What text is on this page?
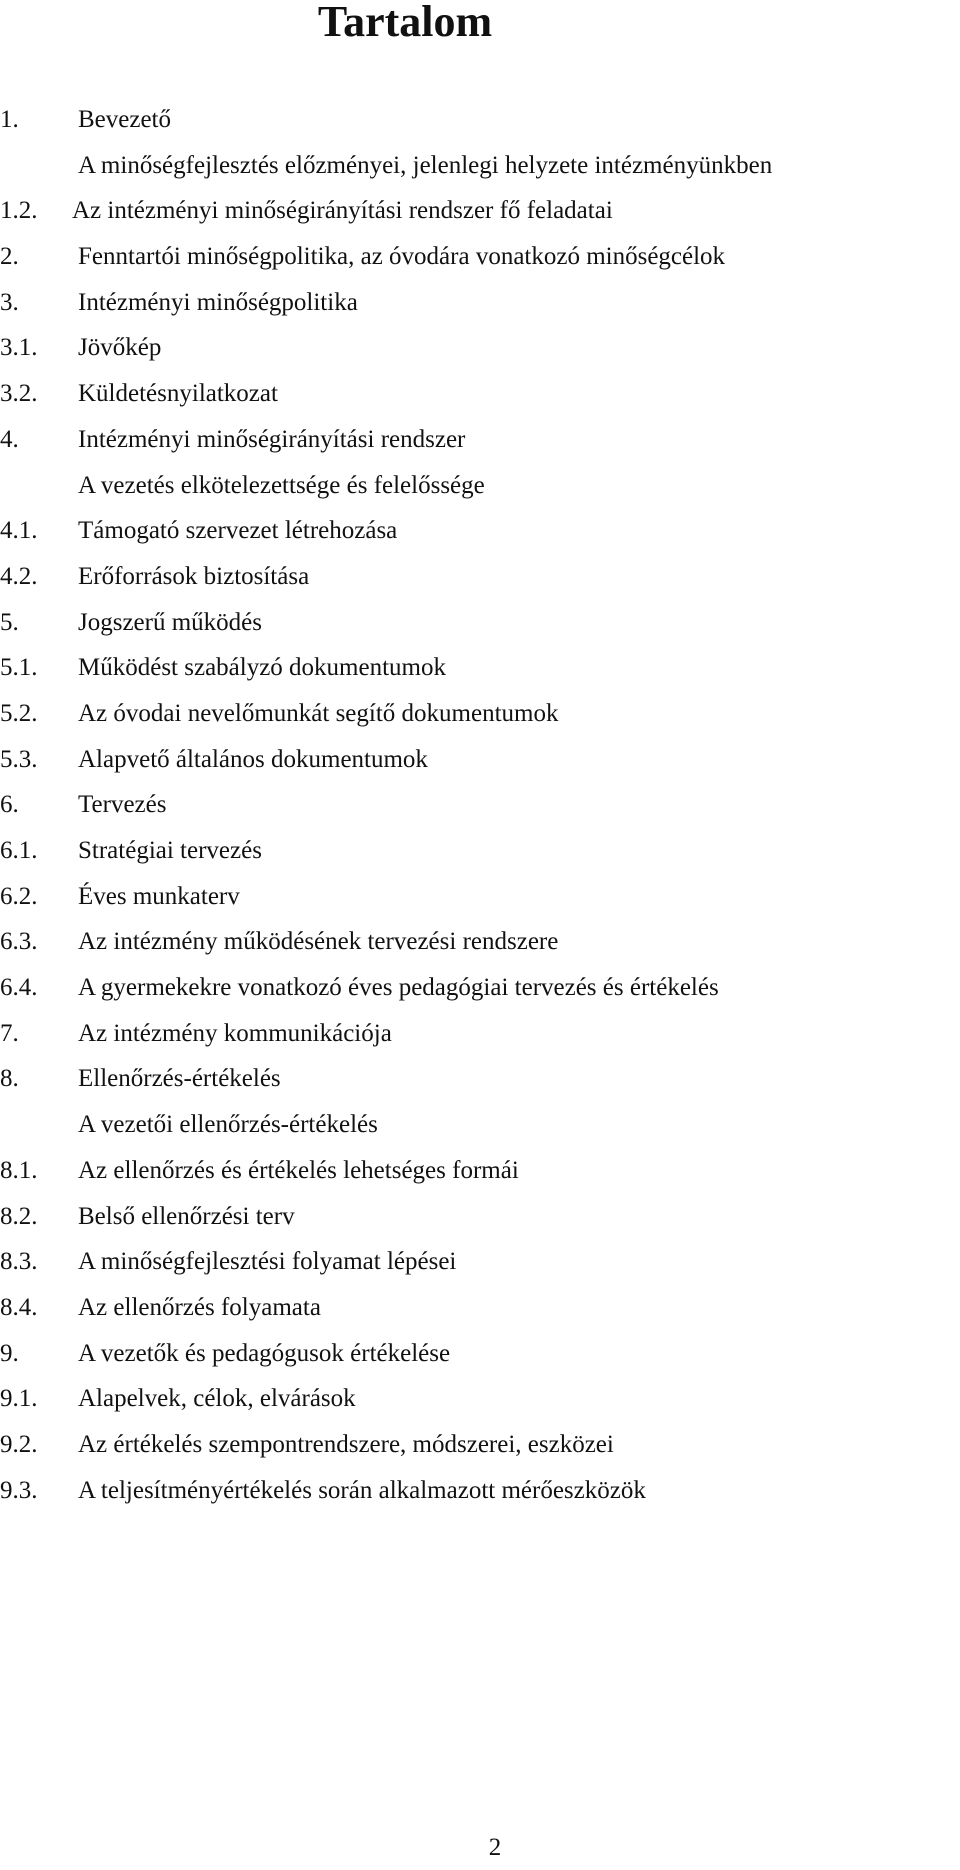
Tartalom
1. Bevezető
A minőségfejlesztés előzményei, jelenlegi helyzete intézményünkben
1.2. Az intézményi minőségirányítási rendszer fő feladatai
2. Fenntartói minőségpolitika, az óvodára vonatkozó minőségcélok
3. Intézményi minőségpolitika
3.1. Jövőkép
3.2. Küldetésnyilatkozat
4. Intézményi minőségirányítási rendszer
A vezetés elkötelezettsége és felelőssége
4.1. Támogató szervezet létrehozása
4.2. Erőforrások biztosítása
5. Jogszerű működés
5.1. Működést szabályzó dokumentumok
5.2. Az óvodai nevelőmunkát segítő dokumentumok
5.3. Alapvető általános dokumentumok
6. Tervezés
6.1. Stratégiai tervezés
6.2. Éves munkaterv
6.3. Az intézmény működésének tervezési rendszere
6.4. A gyermekekre vonatkozó éves pedagógiai tervezés és értékelés
7. Az intézmény kommunikációja
8. Ellenőrzés-értékelés
A vezetői ellenőrzés-értékelés
8.1. Az ellenőrzés és értékelés lehetséges formái
8.2. Belső ellenőrzési terv
8.3. A minőségfejlesztési folyamat lépései
8.4. Az ellenőrzés folyamata
9. A vezetők és pedagógusok értékelése
9.1. Alapelvek, célok, elvárások
9.2. Az értékelés szempontrendszere, módszerei, eszközei
9.3. A teljesítményértékelés során alkalmazott mérőeszközök
2
